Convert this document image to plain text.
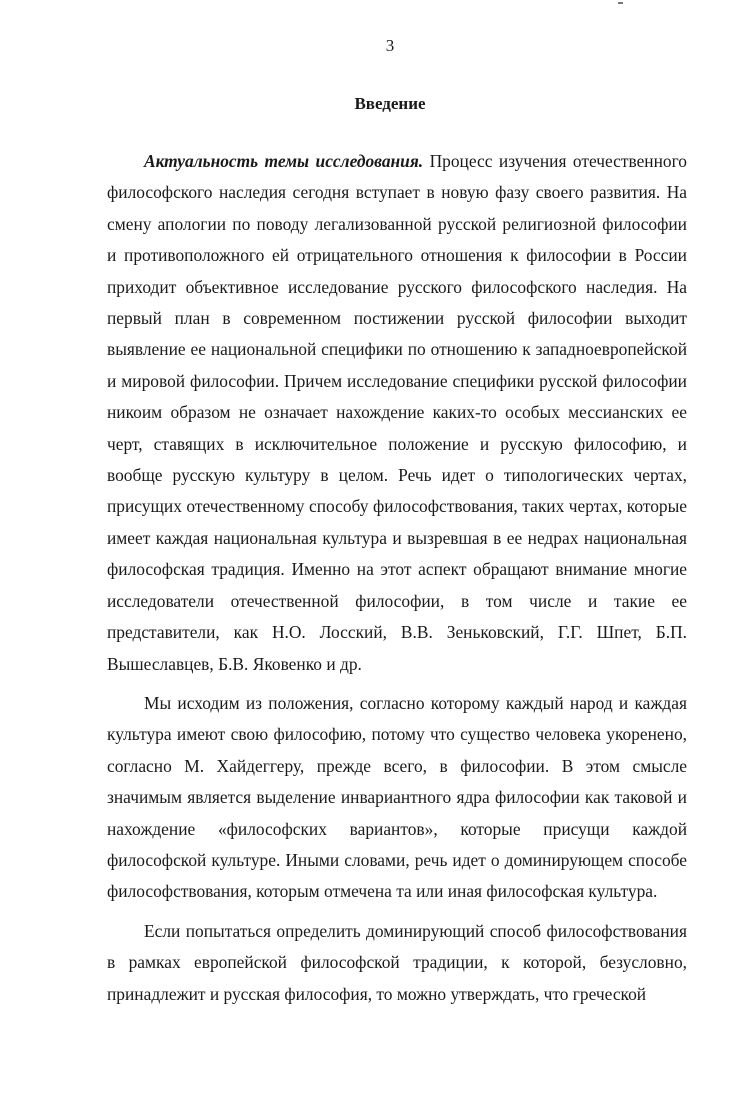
3
Введение

Актуальность темы исследования. Процесс изучения отечественного философского наследия сегодня вступает в новую фазу своего развития. На смену апологии по поводу легализованной русской религиозной философии и противоположного ей отрицательного отношения к философии в России приходит объективное исследование русского философского наследия. На первый план в современном постижении русской философии выходит выявление ее национальной специфики по отношению к западноевропейской и мировой философии. Причем исследование специфики русской философии никоим образом не означает нахождение каких-то особых мессианских ее черт, ставящих в исключительное положение и русскую философию, и вообще русскую культуру в целом. Речь идет о типологических чертах, присущих отечественному способу философствования, таких чертах, которые имеет каждая национальная культура и вызревшая в ее недрах национальная философская традиция. Именно на этот аспект обращают внимание многие исследователи отечественной философии, в том числе и такие ее представители, как Н.О. Лосский, В.В. Зеньковский, Г.Г. Шпет, Б.П. Вышеславцев, Б.В. Яковенко и др.

Мы исходим из положения, согласно которому каждый народ и каждая культура имеют свою философию, потому что существо человека укоренено, согласно М. Хайдеггеру, прежде всего, в философии. В этом смысле значимым является выделение инвариантного ядра философии как таковой и нахождение «философских вариантов», которые присущи каждой философской культуре. Иными словами, речь идет о доминирующем способе философствования, которым отмечена та или иная философская культура.

Если попытаться определить доминирующий способ философствования в рамках европейской философской традиции, к которой, безусловно, принадлежит и русская философия, то можно утверждать, что греческой
